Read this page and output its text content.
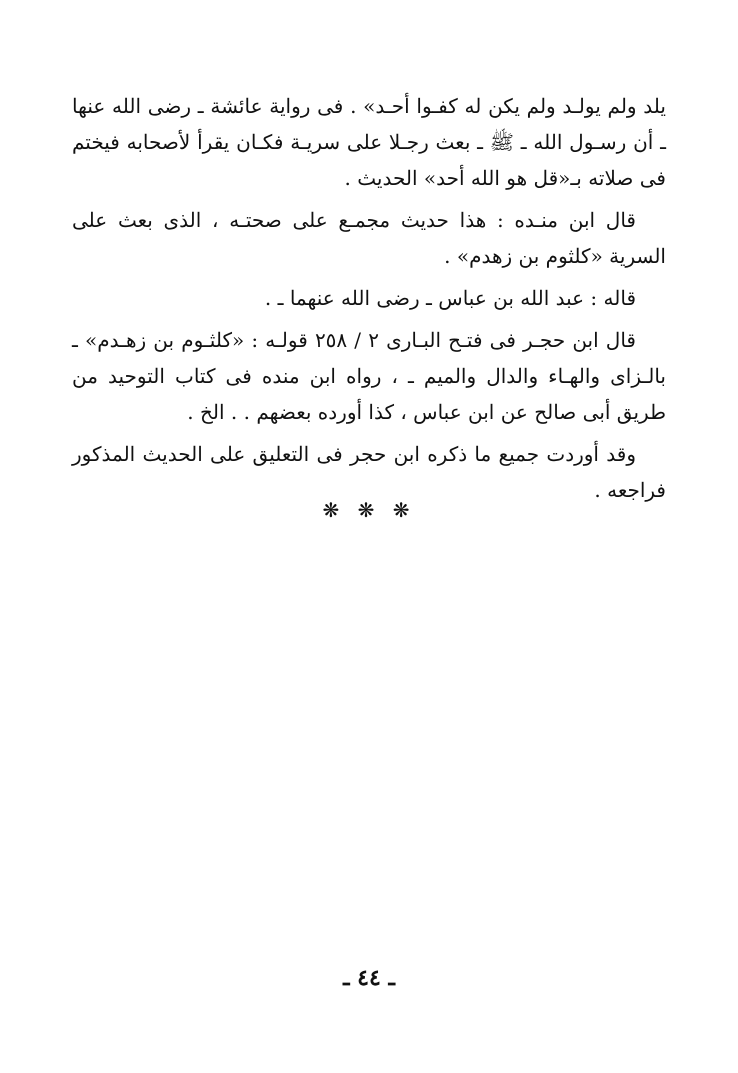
يلد ولم يولـد ولم يكن له كفـوا أحـد» . فى رواية عائشة ـ رضى الله عنها ـ أن رسـول الله ـ ﷺ ـ بعث رجـلا على سريـة فكـان يقرأ لأصحابه فيختم فى صلاته بـ«قل هو الله أحد» الحديث .

قال ابن منـده : هذا حديث مجمـع على صحتـه ، الذى بعث على السرية «كلثوم بن زهدم» .

قاله : عبد الله بن عباس ـ رضى الله عنهما ـ .

قال ابن حجـر فى فتـح البـارى ٢ / ٢٥٨ قولـه : «كلثـوم بن زهـدم» ـ بالـزاى والهـاء والدال والميم ـ ، رواه ابن منده فى كتاب التوحيد من طريق أبى صالح عن ابن عباس ، كذا أورده بعضهم . . الخ .

وقد أوردت جميع ما ذكره ابن حجر فى التعليق على الحديث المذكور فراجعه .

❋ ❋ ❋
ـ ٤٤ ـ
